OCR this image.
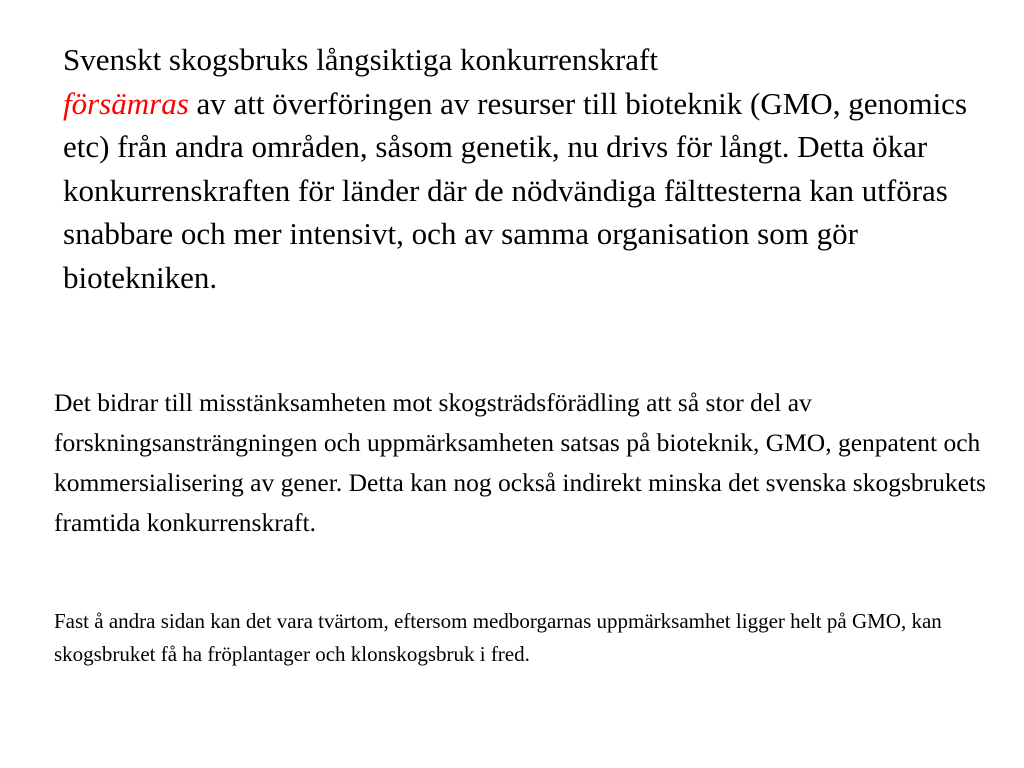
Svenskt skogsbruks långsiktiga konkurrenskraft
försämras av att överföringen av resurser till bioteknik (GMO, genomics etc) från andra områden, såsom genetik, nu drivs för långt. Detta ökar konkurrenskraften för länder där de nödvändiga fälttesterna kan utföras snabbare och mer intensivt, och av samma organisation som gör biotekniken.

Det bidrar till misstänksamheten mot skogsträdsförädling att så stor del av forskningsansträngningen och uppmärksamheten satsas på bioteknik, GMO, genpatent och kommersialisering av gener. Detta kan nog också indirekt minska det svenska skogsbrukets framtida konkurrenskraft.

Fast å andra sidan kan det vara tvärtom, eftersom medborgarnas uppmärksamhet ligger helt på GMO, kan skogsbruket få ha fröplantager och klonskogsbruk i fred.
